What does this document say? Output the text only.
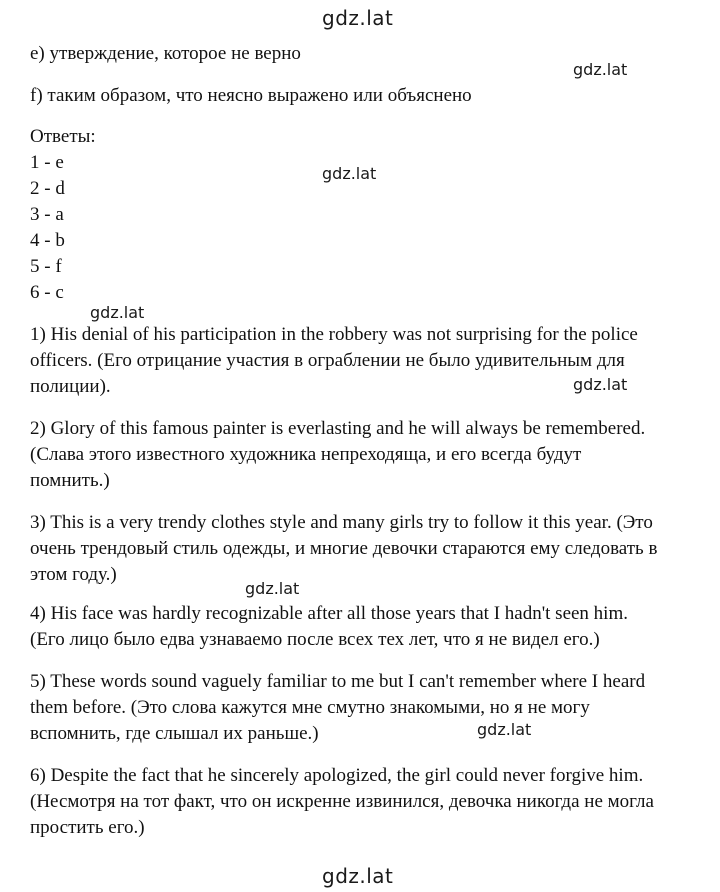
gdz.lat
gdz.lat
gdz.lat
gdz.lat
gdz.lat
gdz.lat
gdz.lat
gdz.lat
e) утверждение, которое не верно
f) таким образом, что неясно выражено или объяснено
Ответы:
1 - e
2 - d
3 - a
4 - b
5 - f
6 - c
1) His denial of his participation in the robbery was not surprising for the police
officers. (Его отрицание участия в ограблении не было удивительным для
полиции).
2) Glory of this famous painter is everlasting and he will always be remembered.
(Слава этого известного художника непреходяща, и его всегда будут
помнить.)
3) This is a very trendy clothes style and many girls try to follow it this year. (Это
очень трендовый стиль одежды, и многие девочки стараются ему следовать в
этом году.)
4) His face was hardly recognizable after all those years that I hadn't seen him.
(Его лицо было едва узнаваемо после всех тех лет, что я не видел его.)
5) These words sound vaguely familiar to me but I can't remember where I heard
them before. (Это слова кажутся мне смутно знакомыми, но я не могу
вспомнить, где слышал их раньше.)
6) Despite the fact that he sincerely apologized, the girl could never forgive him.
(Несмотря на тот факт, что он искренне извинился, девочка никогда не могла
простить его.)
